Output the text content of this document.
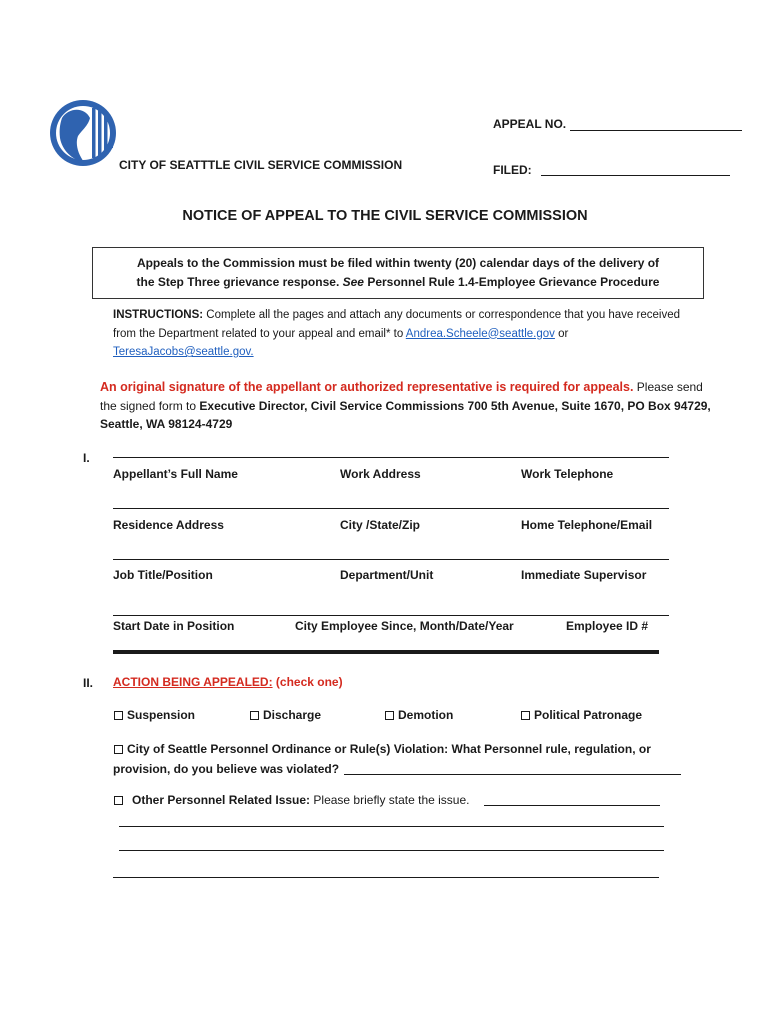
CITY OF SEATTTLE CIVIL SERVICE COMMISSION
APPEAL NO.
FILED:
NOTICE OF APPEAL TO THE CIVIL SERVICE COMMISSION
Appeals to the Commission must be filed within twenty (20) calendar days of the delivery of
the Step Three grievance response. See Personnel Rule 1.4-Employee Grievance Procedure
INSTRUCTIONS: Complete all the pages and attach any documents or correspondence that you have received from the Department related to your appeal and email* to Andrea.Scheele@seattle.gov or TeresaJacobs@seattle.gov.
An original signature of the appellant or authorized representative is required for appeals. Please send the signed form to Executive Director, Civil Service Commissions 700 5th Avenue, Suite 1670, PO Box 94729, Seattle, WA 98124-4729
I.
Appellant’s Full Name	Work Address	Work Telephone
Residence Address	City /State/Zip	Home Telephone/Email
Job Title/Position	Department/Unit	Immediate Supervisor
Start Date in Position	City Employee Since, Month/Date/Year	Employee ID #
II. ACTION BEING APPEALED: (check one)
Suspension	Discharge	Demotion	Political Patronage
City of Seattle Personnel Ordinance or Rule(s) Violation: What Personnel rule, regulation, or
provision, do you believe was violated?
Other Personnel Related Issue: Please briefly state the issue.
